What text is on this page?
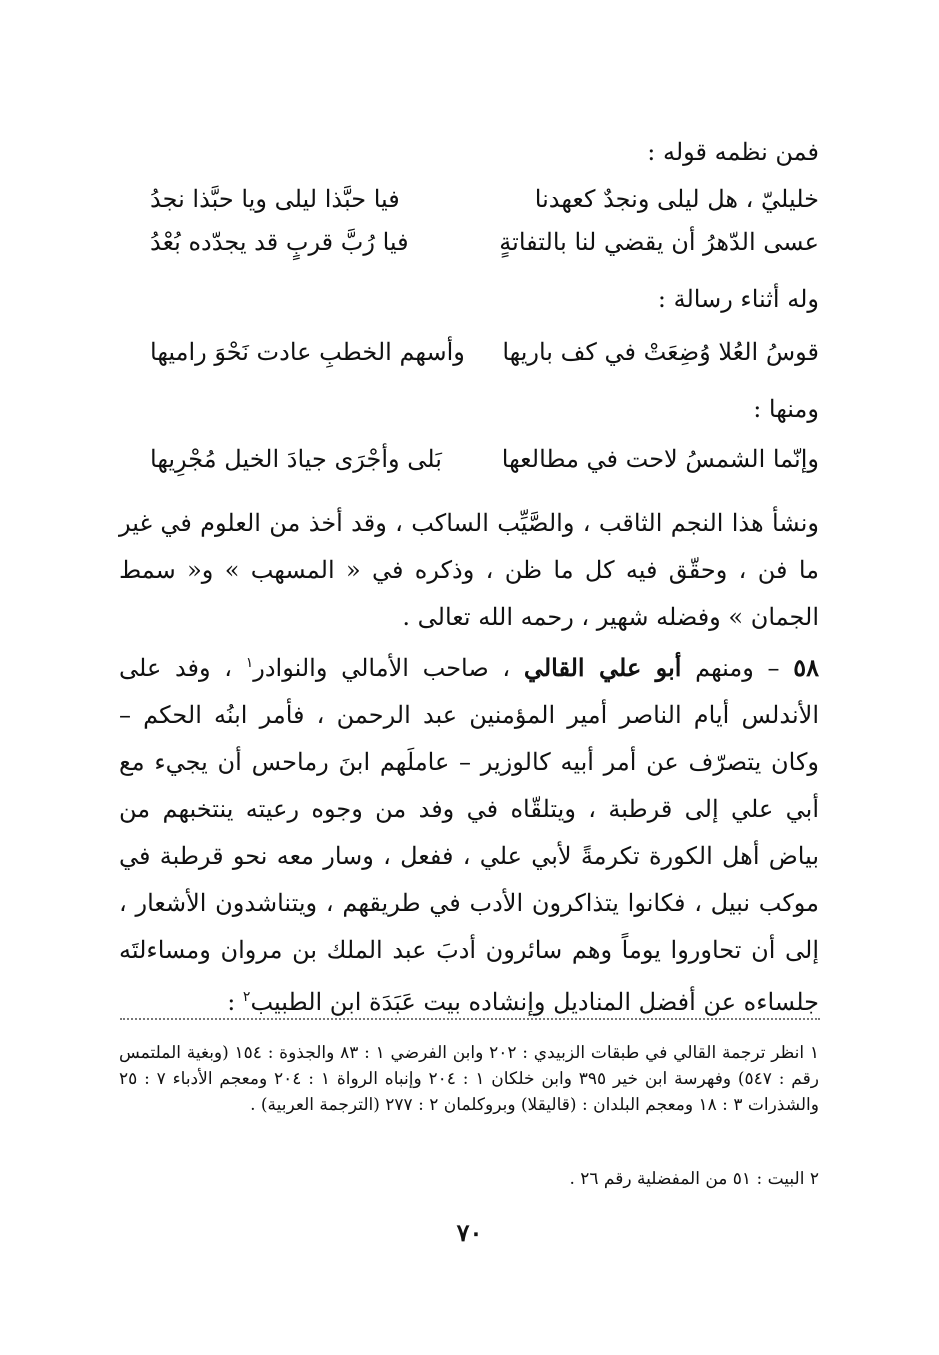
فمن نظمه قوله :
خليليّ ، هل ليلى ونجدٌ كعهدنا
فيا حبَّذا ليلى ويا حبَّذا نجدُ
عسى الدّهرُ أن يقضي لنا بالتفاتةٍ
فيا رُبَّ قربٍ قد يجدّده بُعْدُ
وله أثناء رسالة :
قوسُ العُلا وُضِعَتْ في كف باريها
وأسهم الخطبِ عادت نَحْوَ راميها
ومنها :
وإنّما الشمسُ لاحت في مطالعها
بَلى وأجْرَى جيادَ الخيل مُجْرِيها
ونشأ هذا النجم الثاقب ، والصَّيِّب الساكب ، وقد أخذ من العلوم في غير ما فن ، وحقّق فيه كل ما ظن ، وذكره في « المسهب » و« سمط الجمان » وفضله شهير ، رحمه الله تعالى .
٥٨ – ومنهم أبو علي القالي ، صاحب الأمالي والنوادر$^١$ ، وفد على الأندلس أيام الناصر أمير المؤمنين عبد الرحمن ، فأمر ابنُه الحكم – وكان يتصرّف عن أمر أبيه كالوزير – عاملَهم ابنَ رماحس أن يجيء مع أبي علي إلى قرطبة ، ويتلقّاه في وفد من وجوه رعيته ينتخبهم من بياض أهل الكورة تكرمةً لأبي علي ، ففعل ، وسار معه نحو قرطبة في موكب نبيل ، فكانوا يتذاكرون الأدب في طريقهم ، ويتناشدون الأشعار ، إلى أن تحاوروا يوماً وهم سائرون أدبَ عبد الملك بن مروان ومساءلتَه جلساءه عن أفضل المناديل وإنشاده بيت عَبَدَة ابن الطبيب$^٢$ :
١ انظر ترجمة القالي في طبقات الزبيدي : ٢٠٢ وابن الفرضي ١ : ٨٣ والجذوة : ١٥٤ (وبغية الملتمس رقم : ٥٤٧) وفهرسة ابن خير ٣٩٥ وابن خلكان ١ : ٢٠٤ وإنباه الرواة ١ : ٢٠٤ ومعجم الأدباء ٧ : ٢٥ والشذرات ٣ : ١٨ ومعجم البلدان : (قاليقلا) وبروكلمان ٢ : ٢٧٧ (الترجمة العربية) .
٢ البيت : ٥١ من المفضلية رقم ٢٦ .
٧٠
